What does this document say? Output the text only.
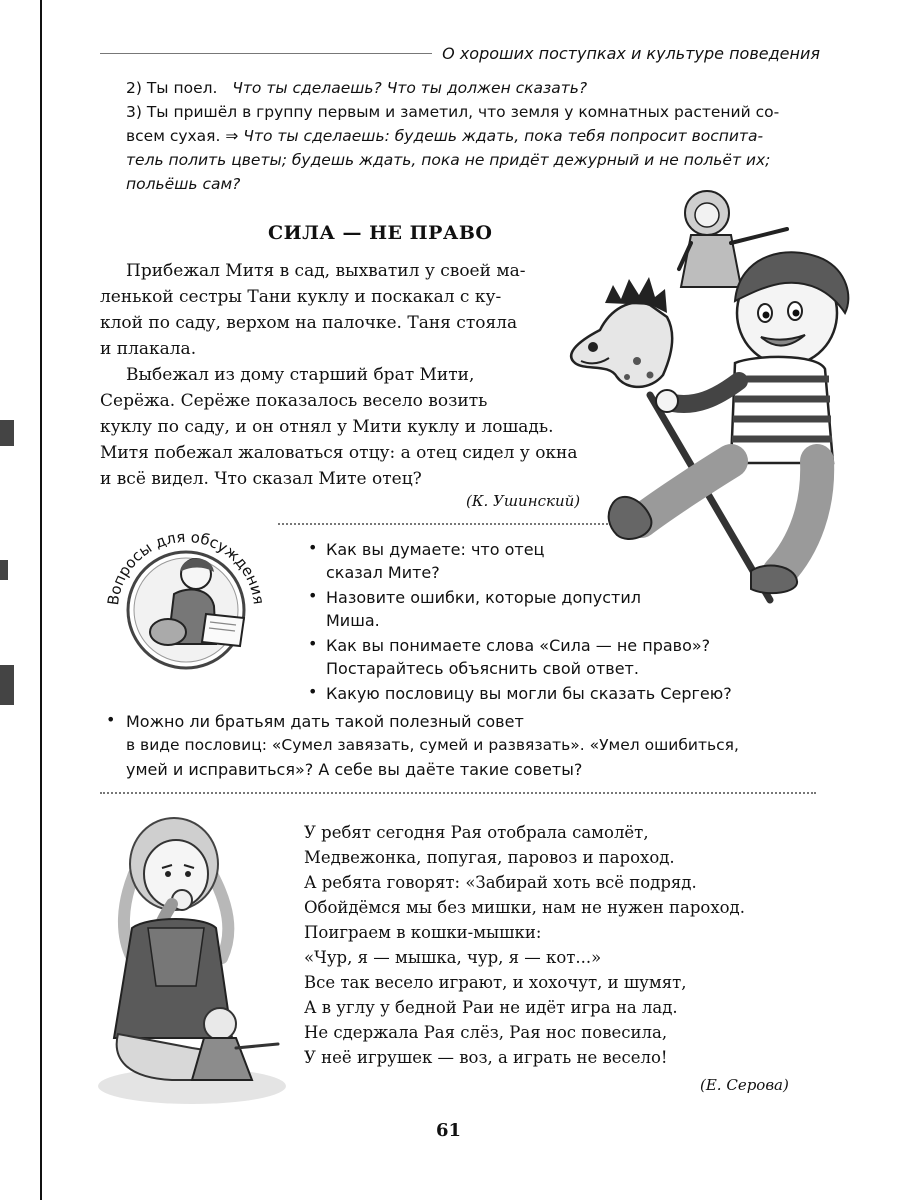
О хороших поступках и культуре поведения
2) Ты поел. Что ты сделаешь? Что ты должен сказать?
3) Ты пришёл в группу первым и заметил, что земля у комнатных растений со-
всем сухая. ⇒ Что ты сделаешь: будешь ждать, пока тебя попросит воспита-
тель полить цветы; будешь ждать, пока не придёт дежурный и не польёт их;
польёшь сам?
СИЛА — НЕ ПРАВО
Прибежал Митя в сад, выхватил у своей ма-
ленькой сестры Тани куклу и поскакал с ку-
клой по саду, верхом на палочке. Таня стояла
и плакала.
Выбежал из дому старший брат Мити,
Серёжа. Серёже показалось весело возить
куклу по саду, и он отнял у Мити куклу и лошадь.
Митя побежал жаловаться отцу: а отец сидел у окна
и всё видел. Что сказал Мите отец?
(К. Ушинский)
Вопросы для обсуждения
• Как вы думаете: что отец
сказал Мите?
• Назовите ошибки, которые допустил
Миша.
• Как вы понимаете слова «Сила — не право»?
Постарайтесь объяснить свой ответ.
• Какую пословицу вы могли бы сказать Сергею?
• Можно ли братьям дать такой полезный совет
в виде пословиц: «Сумел завязать, сумей и развязать». «Умел ошибиться,
умей и исправиться»? А себе вы даёте такие советы?
У ребят сегодня Рая отобрала самолёт,
Медвежонка, попугая, паровоз и пароход.
А ребята говорят: «Забирай хоть всё подряд.
Обойдёмся мы без мишки, нам не нужен пароход.
Поиграем в кошки-мышки:
«Чур, я — мышка, чур, я — кот...»
Все так весело играют, и хохочут, и шумят,
А в углу у бедной Раи не идёт игра на лад.
Не сдержала Рая слёз, Рая нос повесила,
У неё игрушек — воз, а играть не весело!
(Е. Серова)
61
